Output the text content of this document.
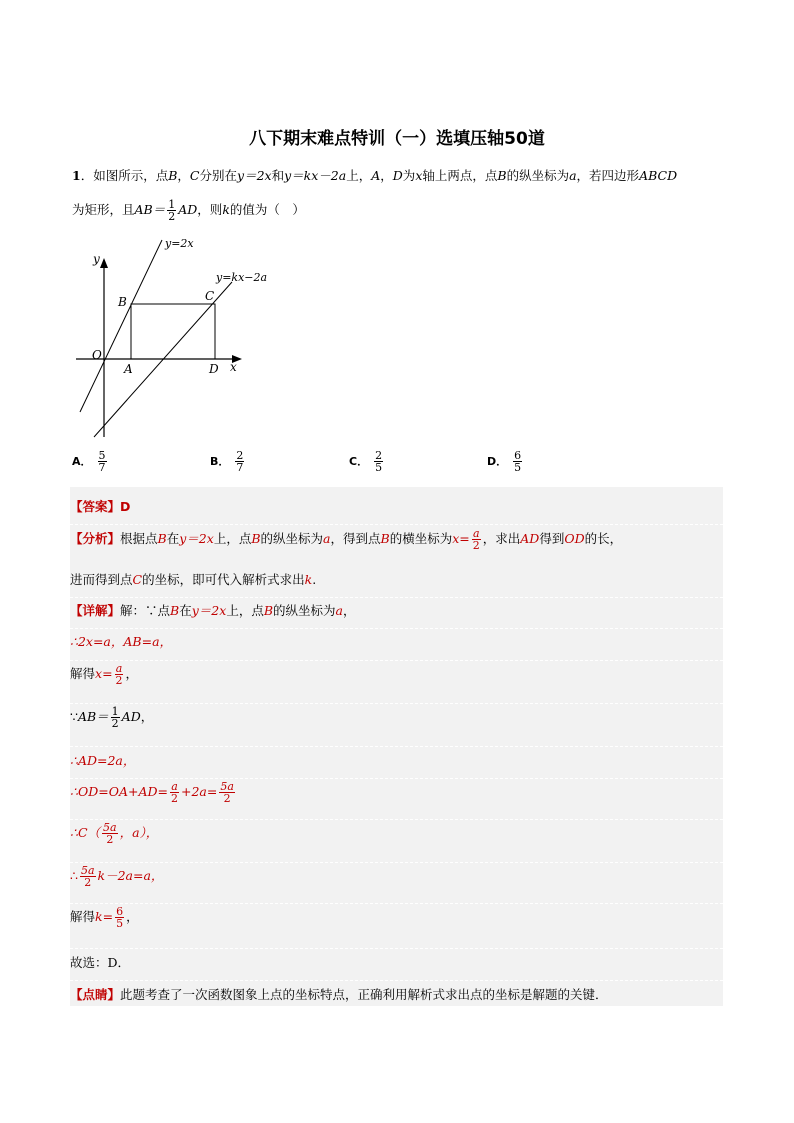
八下期末难点特训（一）选填压轴50道
1．如图所示，点B，C分别在y＝2x和y＝kx－2a上，A，D为x轴上两点，点B的纵坐标为a，若四边形ABCD
为矩形，且$AB= \frac{1}{2}$ AD，则k的值为（　）
y
x
O
y=2x
y=kx−2a
B	C
A	D
A． $\frac{5}{7}$	B． $\frac{2}{7}$	C． $\frac{2}{5}$	D． $\frac{6}{5}$
【答案】D
【分析】根据点B在y＝2x上，点B的纵坐标为a，得到点B的横坐标为$x= \frac{a}{2}$ ，求出AD得到OD的长，
进而得到点C的坐标，即可代入解析式求出k.
【详解】解：∵点B在y＝2x上，点B的纵坐标为a，
∴2x=a，AB=a，
解得$x= \frac{a}{2}$ ，
∵AB＝ $\frac{1}{2}$ AD，
∴AD=2a，
∴OD=OA+AD= $\frac{a}{2} +2a= \frac{5a}{2}$
∴C（ $\frac{5a}{2}$ ，a），
∴ $\frac{5a}{2} k-2a=a$，
解得$k= \frac{6}{5}$ ，
故选：D．
【点睛】此题考查了一次函数图象上点的坐标特点，正确利用解析式求出点的坐标是解题的关键．
